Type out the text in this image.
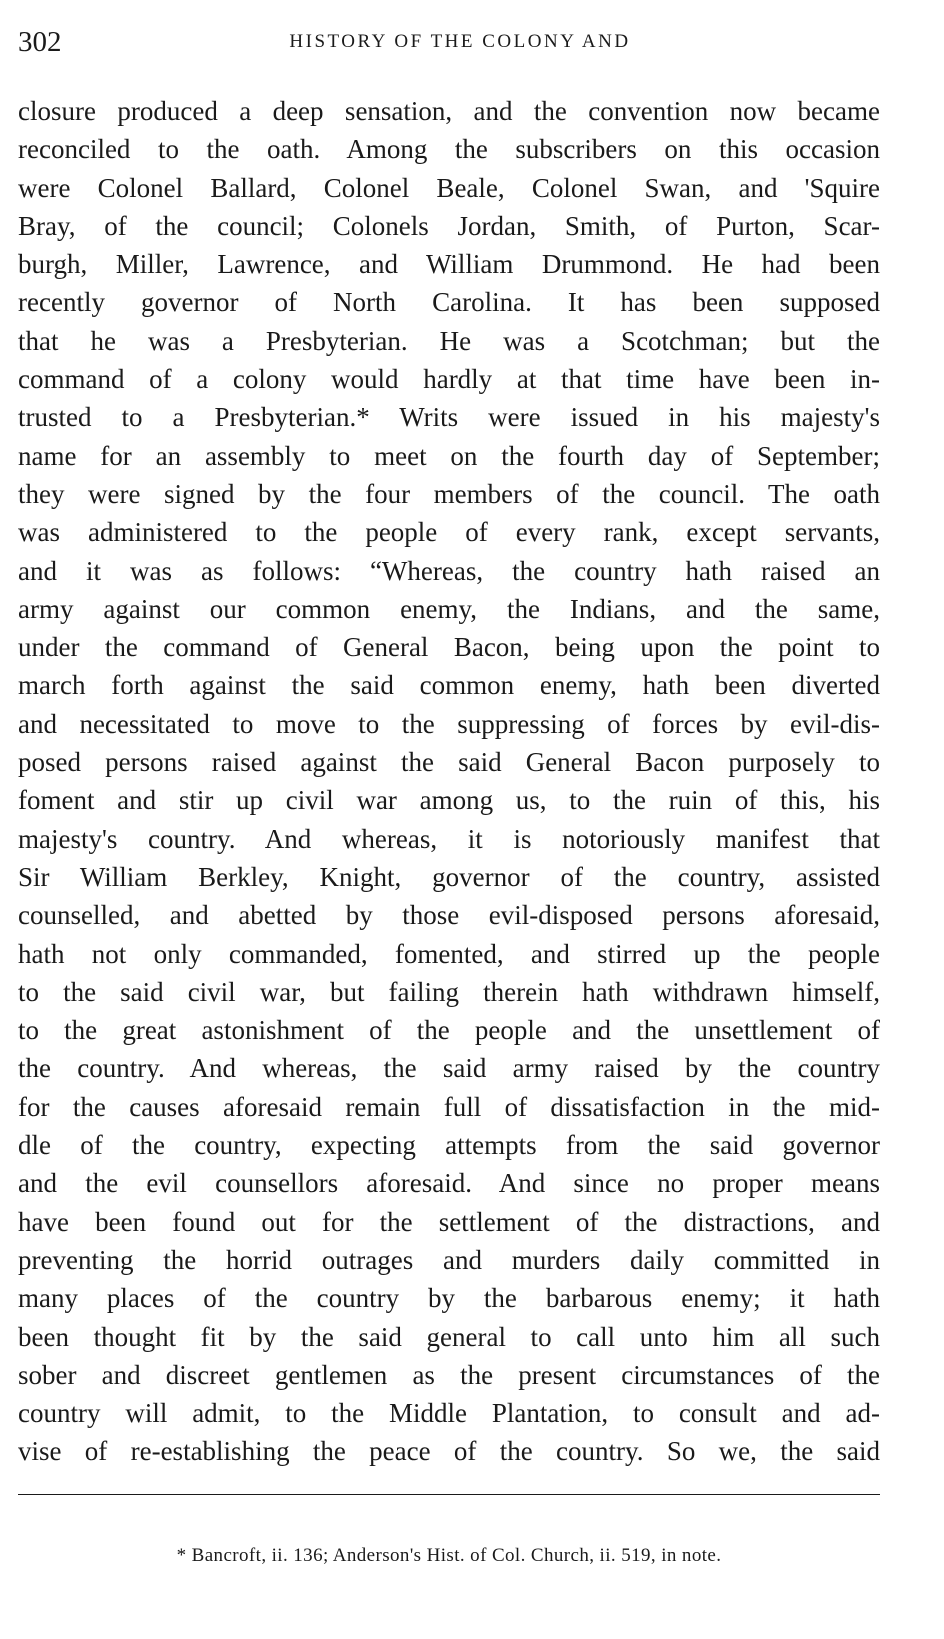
302	HISTORY OF THE COLONY AND
closure produced a deep sensation, and the convention now became
reconciled to the oath. Among the subscribers on this occasion
were Colonel Ballard, Colonel Beale, Colonel Swan, and 'Squire
Bray, of the council; Colonels Jordan, Smith, of Purton, Scar-
burgh, Miller, Lawrence, and William Drummond. He had been
recently governor of North Carolina. It has been supposed
that he was a Presbyterian. He was a Scotchman; but the
command of a colony would hardly at that time have been in-
trusted to a Presbyterian.* Writs were issued in his majesty's
name for an assembly to meet on the fourth day of September;
they were signed by the four members of the council. The oath
was administered to the people of every rank, except servants,
and it was as follows: “Whereas, the country hath raised an
army against our common enemy, the Indians, and the same,
under the command of General Bacon, being upon the point to
march forth against the said common enemy, hath been diverted
and necessitated to move to the suppressing of forces by evil-dis-
posed persons raised against the said General Bacon purposely to
foment and stir up civil war among us, to the ruin of this, his
majesty's country. And whereas, it is notoriously manifest that
Sir William Berkley, Knight, governor of the country, assisted
counselled, and abetted by those evil-disposed persons aforesaid,
hath not only commanded, fomented, and stirred up the people
to the said civil war, but failing therein hath withdrawn himself,
to the great astonishment of the people and the unsettlement of
the country. And whereas, the said army raised by the country
for the causes aforesaid remain full of dissatisfaction in the mid-
dle of the country, expecting attempts from the said governor
and the evil counsellors aforesaid. And since no proper means
have been found out for the settlement of the distractions, and
preventing the horrid outrages and murders daily committed in
many places of the country by the barbarous enemy; it hath
been thought fit by the said general to call unto him all such
sober and discreet gentlemen as the present circumstances of the
country will admit, to the Middle Plantation, to consult and ad-
vise of re-establishing the peace of the country. So we, the said
* Bancroft, ii. 136; Anderson's Hist. of Col. Church, ii. 519, in note.
